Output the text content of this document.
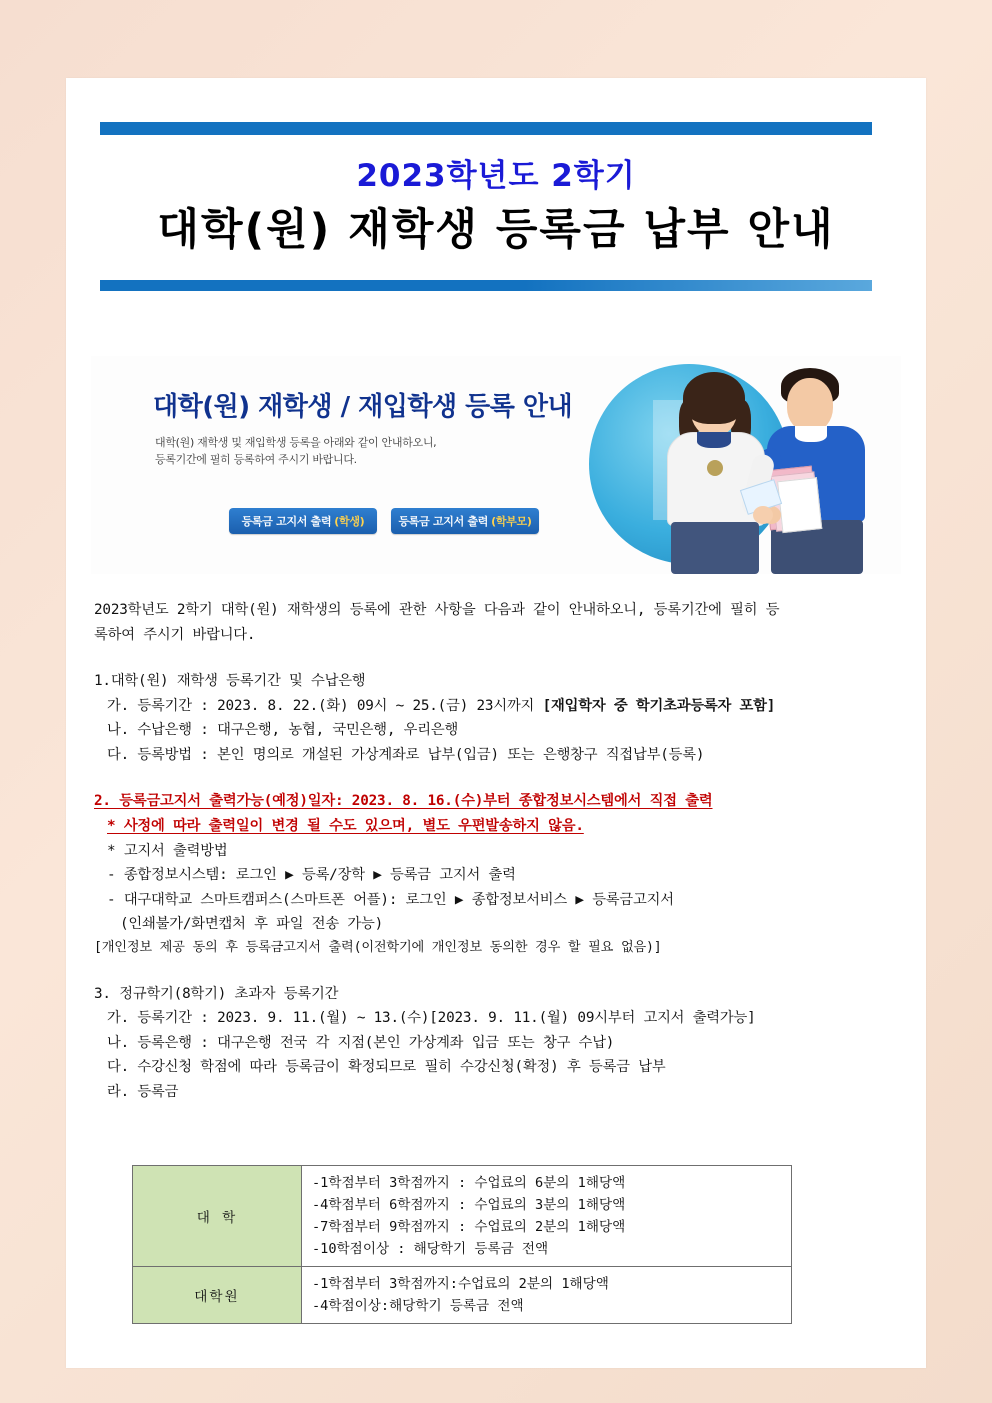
2023학년도 2학기
대학(원) 재학생 등록금 납부 안내
대학(원) 재학생 / 재입학생 등록 안내
대학(원) 재학생 및 재입학생 등록을 아래와 같이 안내하오니,
등록기간에 필히 등록하여 주시기 바랍니다.
등록금 고지서 출력 (학생)	등록금 고지서 출력 (학부모)

2023학년도 2학기 대학(원) 재학생의 등록에 관한 사항을 다음과 같이 안내하오니, 등록기간에 필히 등

록하여 주시기 바랍니다.

1.대학(원) 재학생 등록기간 및 수납은행

가. 등록기간 : 2023. 8. 22.(화) 09시 ~ 25.(금) 23시까지 [재입학자 중 학기초과등록자 포함]

나. 수납은행 : 대구은행, 농협, 국민은행, 우리은행

다. 등록방법 : 본인 명의로 개설된 가상계좌로 납부(입금) 또는 은행창구 직접납부(등록)

2. 등록금고지서 출력가능(예정)일자: 2023. 8. 16.(수)부터 종합정보시스템에서 직접 출력

* 사정에 따라 출력일이 변경 될 수도 있으며, 별도 우편발송하지 않음.

* 고지서 출력방법

- 종합정보시스템: 로그인 ▶ 등록/장학 ▶ 등록금 고지서 출력

- 대구대학교 스마트캠퍼스(스마트폰 어플): 로그인 ▶ 종합정보서비스 ▶ 등록금고지서

(인쇄불가/화면캡처 후 파일 전송 가능)

[개인정보 제공 동의 후 등록금고지서 출력(이전학기에 개인정보 동의한 경우 할 필요 없음)]

3. 정규학기(8학기) 초과자 등록기간

가. 등록기간 : 2023. 9. 11.(월) ~ 13.(수)[2023. 9. 11.(월) 09시부터 고지서 출력가능]

나. 등록은행 : 대구은행 전국 각 지점(본인 가상계좌 입금 또는 창구 수납)

다. 수강신청 학점에 따라 등록금이 확정되므로 필히 수강신청(확정) 후 등록금 납부

라. 등록금

대 학	-1학점부터 3학점까지 : 수업료의 6분의 1해당액
-4학점부터 6학점까지 : 수업료의 3분의 1해당액
-7학점부터 9학점까지 : 수업료의 2분의 1해당액
-10학점이상 : 해당학기 등록금 전액

대학원	-1학점부터 3학점까지:수업료의 2분의 1해당액
-4학점이상:해당학기 등록금 전액
